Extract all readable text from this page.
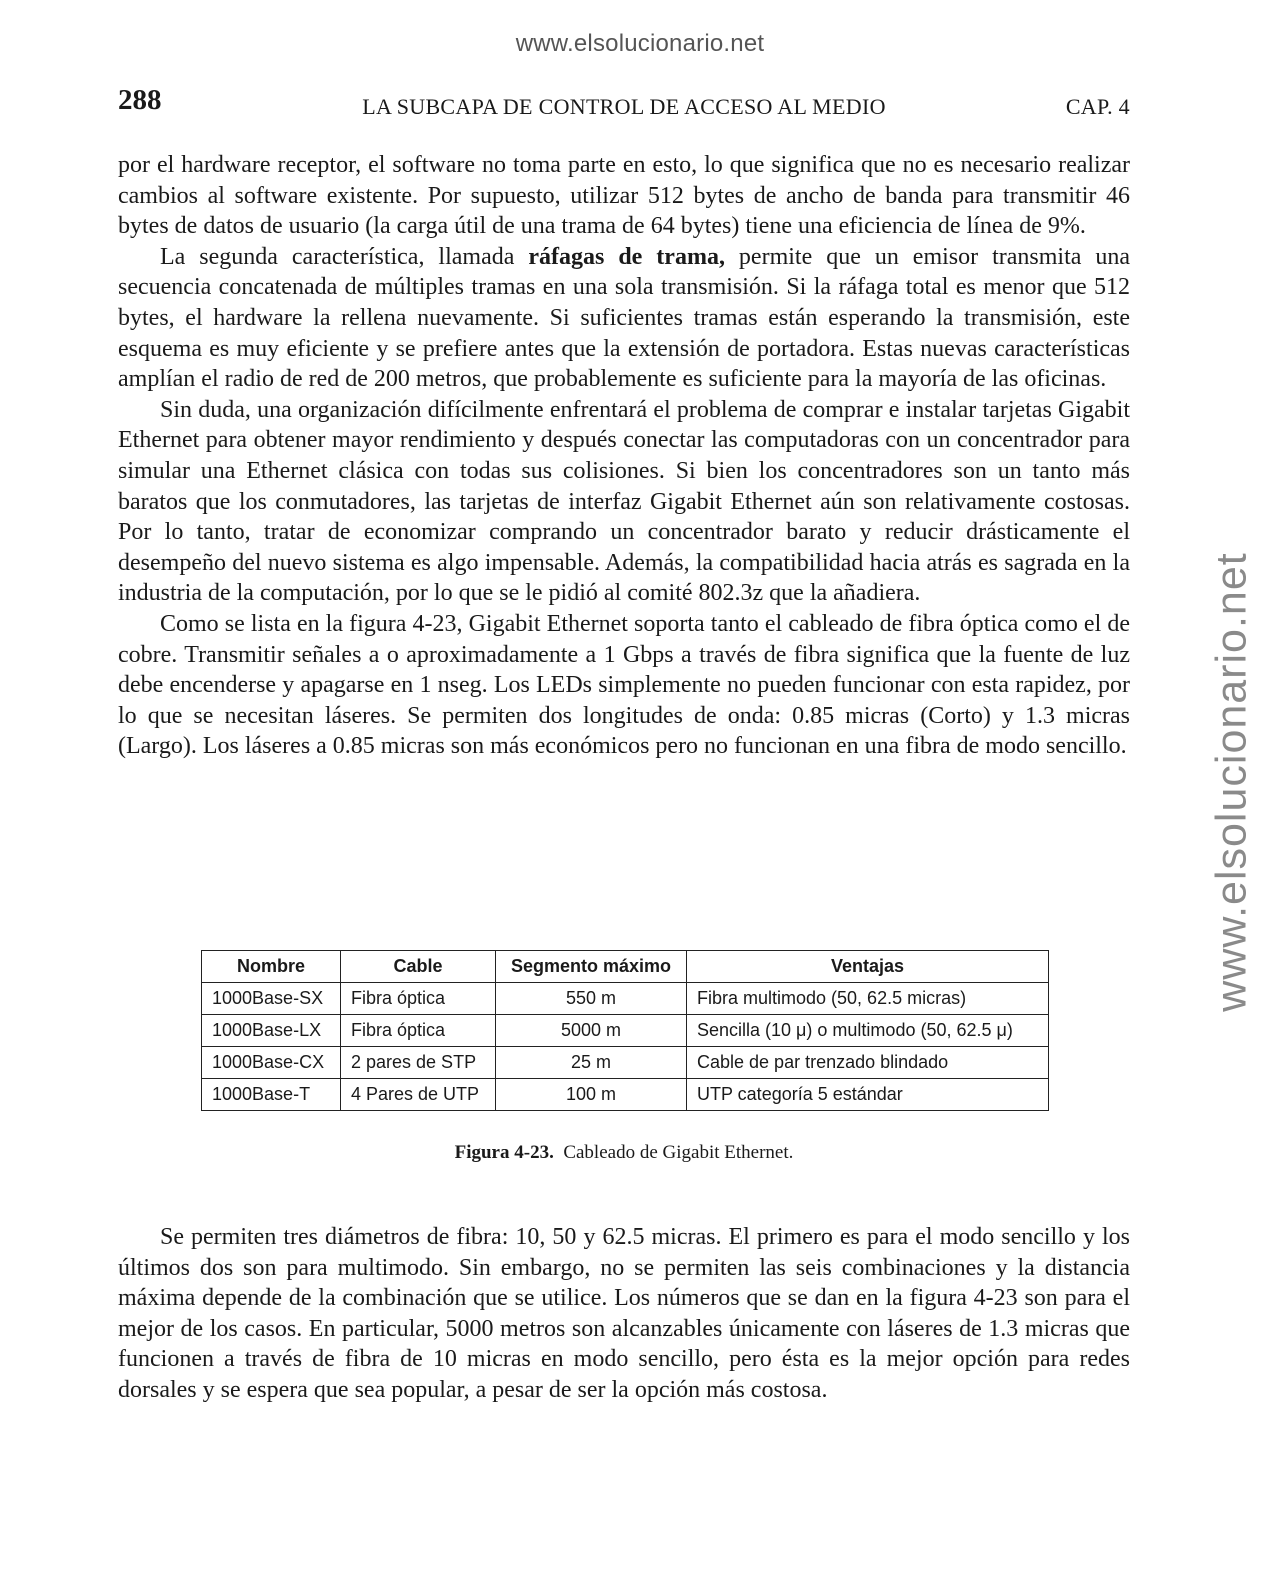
www.elsolucionario.net
www.elsolucionario.net
288	LA SUBCAPA DE CONTROL DE ACCESO AL MEDIO	CAP. 4

por el hardware receptor, el software no toma parte en esto, lo que significa que no es necesario realizar cambios al software existente. Por supuesto, utilizar 512 bytes de ancho de banda para transmitir 46 bytes de datos de usuario (la carga útil de una trama de 64 bytes) tiene una eficiencia de línea de 9%.

La segunda característica, llamada ráfagas de trama, permite que un emisor transmita una secuencia concatenada de múltiples tramas en una sola transmisión. Si la ráfaga total es menor que 512 bytes, el hardware la rellena nuevamente. Si suficientes tramas están esperando la transmisión, este esquema es muy eficiente y se prefiere antes que la extensión de portadora. Estas nuevas características amplían el radio de red de 200 metros, que probablemente es suficiente para la mayoría de las oficinas.

Sin duda, una organización difícilmente enfrentará el problema de comprar e instalar tarjetas Gigabit Ethernet para obtener mayor rendimiento y después conectar las computadoras con un concentrador para simular una Ethernet clásica con todas sus colisiones. Si bien los concentradores son un tanto más baratos que los conmutadores, las tarjetas de interfaz Gigabit Ethernet aún son relativamente costosas. Por lo tanto, tratar de economizar comprando un concentrador barato y reducir drásticamente el desempeño del nuevo sistema es algo impensable. Además, la compatibilidad hacia atrás es sagrada en la industria de la computación, por lo que se le pidió al comité 802.3z que la añadiera.

Como se lista en la figura 4-23, Gigabit Ethernet soporta tanto el cableado de fibra óptica como el de cobre. Transmitir señales a o aproximadamente a 1 Gbps a través de fibra significa que la fuente de luz debe encenderse y apagarse en 1 nseg. Los LEDs simplemente no pueden funcionar con esta rapidez, por lo que se necesitan láseres. Se permiten dos longitudes de onda: 0.85 micras (Corto) y 1.3 micras (Largo). Los láseres a 0.85 micras son más económicos pero no funcionan en una fibra de modo sencillo.

Nombre	Cable	Segmento máximo	Ventajas
1000Base-SX	Fibra óptica	550 m	Fibra multimodo (50, 62.5 micras)
1000Base-LX	Fibra óptica	5000 m	Sencilla (10 μ) o multimodo (50, 62.5 μ)
1000Base-CX	2 pares de STP	25 m	Cable de par trenzado blindado
1000Base-T	4 Pares de UTP	100 m	UTP categoría 5 estándar
Figura 4-23. Cableado de Gigabit Ethernet.

Se permiten tres diámetros de fibra: 10, 50 y 62.5 micras. El primero es para el modo sencillo y los últimos dos son para multimodo. Sin embargo, no se permiten las seis combinaciones y la distancia máxima depende de la combinación que se utilice. Los números que se dan en la figura 4-23 son para el mejor de los casos. En particular, 5000 metros son alcanzables únicamente con láseres de 1.3 micras que funcionen a través de fibra de 10 micras en modo sencillo, pero ésta es la mejor opción para redes dorsales y se espera que sea popular, a pesar de ser la opción más costosa.
